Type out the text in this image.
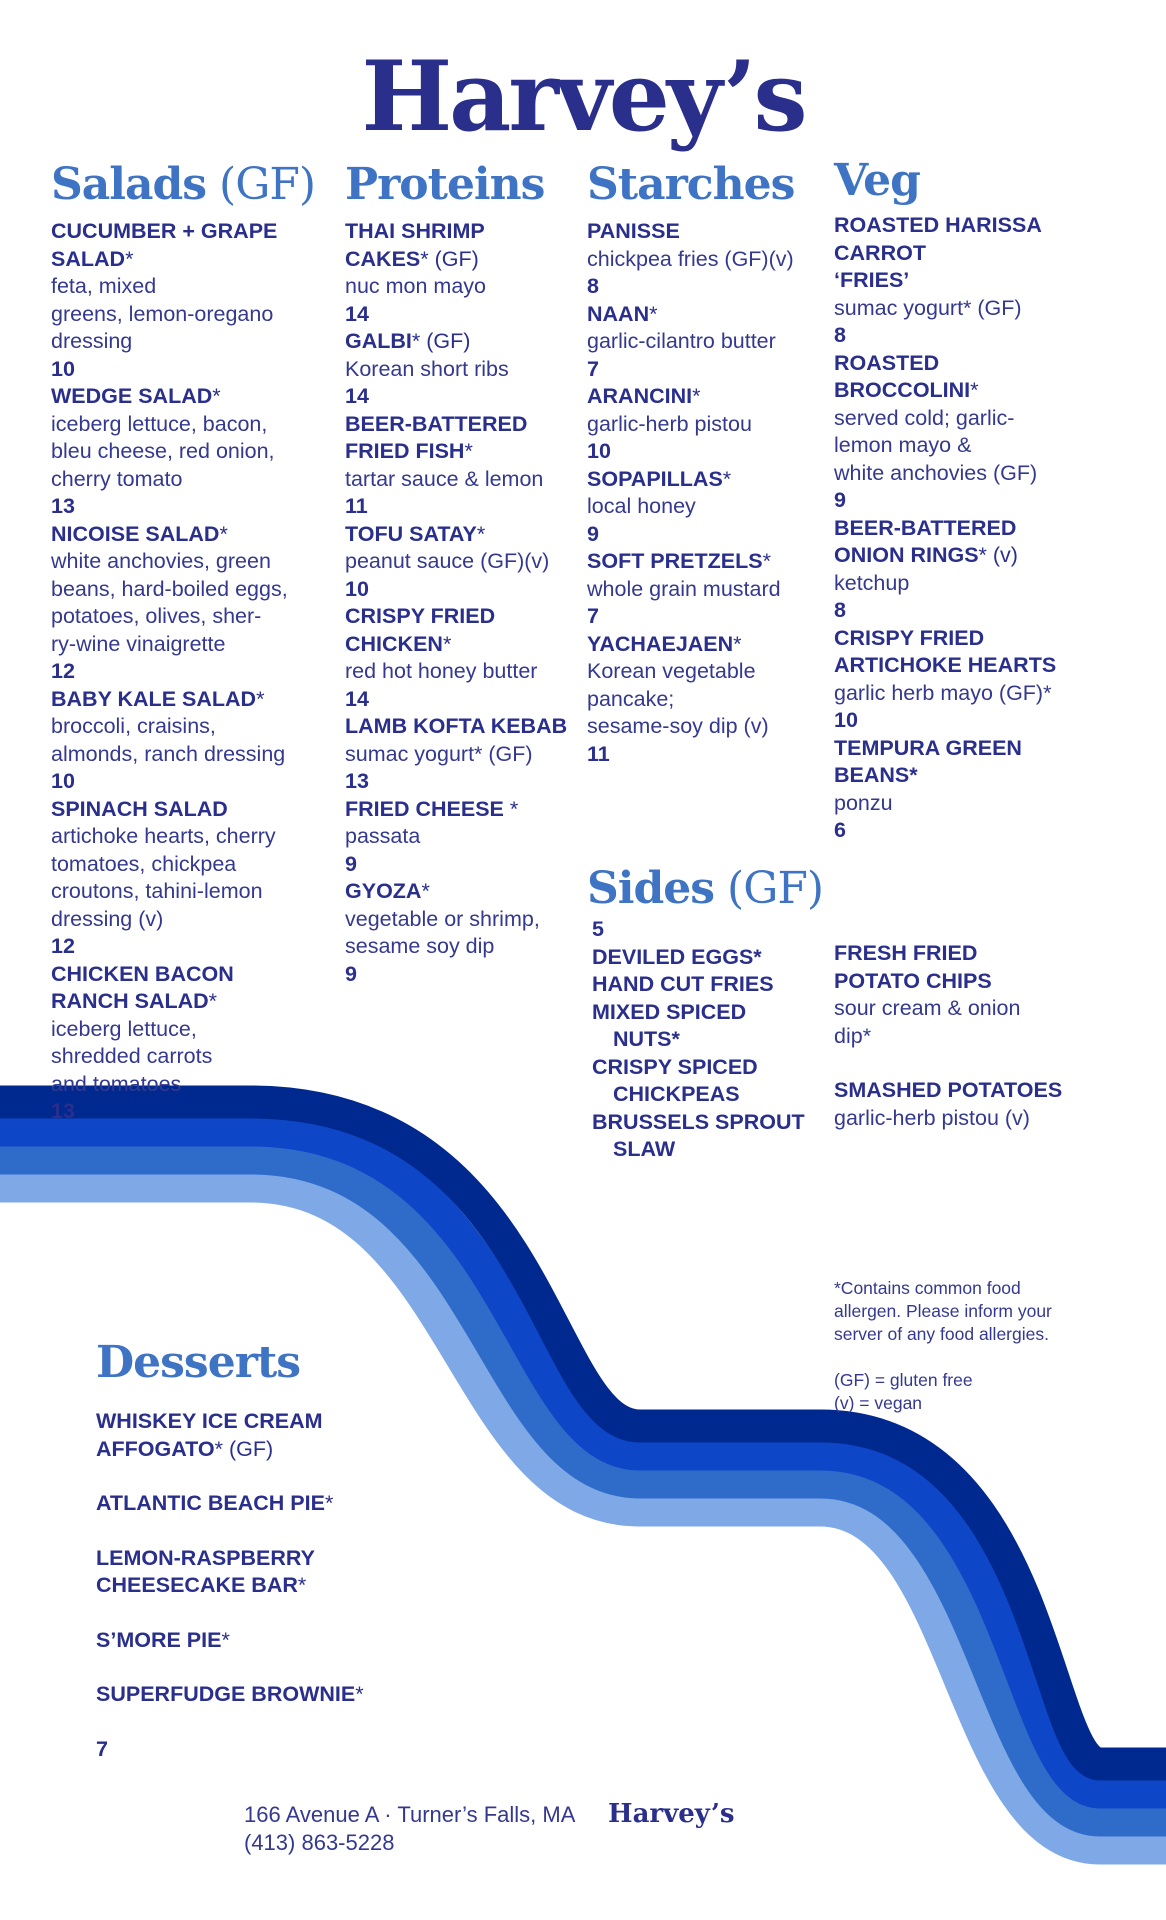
Harvey’s
Salads (GF)
CUCUMBER + GRAPE
SALAD*
feta, mixed
greens, lemon-oregano
dressing
10
WEDGE SALAD*
iceberg lettuce, bacon,
bleu cheese, red onion,
cherry tomato
13
NICOISE SALAD*
white anchovies, green
beans, hard-boiled eggs,
potatoes, olives, sher-
ry-wine vinaigrette
12
BABY KALE SALAD*
broccoli, craisins,
almonds, ranch dressing
10
SPINACH SALAD
artichoke hearts, cherry
tomatoes, chickpea
croutons, tahini-lemon
dressing (v)
12
CHICKEN BACON
RANCH SALAD*
iceberg lettuce,
shredded carrots
and tomatoes
13
Proteins
THAI SHRIMP
CAKES* (GF)
nuc mon mayo
14
GALBI* (GF)
Korean short ribs
14
BEER-BATTERED
FRIED FISH*
tartar sauce & lemon
11
TOFU SATAY*
peanut sauce (GF)(v)
10
CRISPY FRIED
CHICKEN*
red hot honey butter
14
LAMB KOFTA KEBAB
sumac yogurt* (GF)
13
FRIED CHEESE *
passata
9
GYOZA*
vegetable or shrimp,
sesame soy dip
9
Starches
PANISSE
chickpea fries (GF)(v)
8
NAAN*
garlic-cilantro butter
7
ARANCINI*
garlic-herb pistou
10
SOPAPILLAS*
local honey
9
SOFT PRETZELS*
whole grain mustard
7
YACHAEJAEN*
Korean vegetable
pancake;
sesame-soy dip (v)
11
Veg
ROASTED HARISSA
CARROT
‘FRIES’
sumac yogurt* (GF)
8
ROASTED
BROCCOLINI*
served cold; garlic-
lemon mayo &
white anchovies (GF)
9
BEER-BATTERED
ONION RINGS* (v)
ketchup
8
CRISPY FRIED
ARTICHOKE HEARTS
garlic herb mayo (GF)*
10
TEMPURA GREEN
BEANS*
ponzu
6
Sides (GF)
5
DEVILED EGGS*
HAND CUT FRIES
MIXED SPICED
NUTS*
CRISPY SPICED
CHICKPEAS
BRUSSELS SPROUT
SLAW
FRESH FRIED
POTATO CHIPS
sour cream & onion
dip*
SMASHED POTATOES
garlic-herb pistou (v)
*Contains common food
allergen. Please inform your
server of any food allergies.
(GF) = gluten free
(v) = vegan
Desserts
WHISKEY ICE CREAM
AFFOGATO* (GF)
ATLANTIC BEACH PIE*
LEMON-RASPBERRY
CHEESECAKE BAR*
S’MORE PIE*
SUPERFUDGE BROWNIE*
7
166 Avenue A · Turner’s Falls, MA
(413) 863-5228
Harvey’s
